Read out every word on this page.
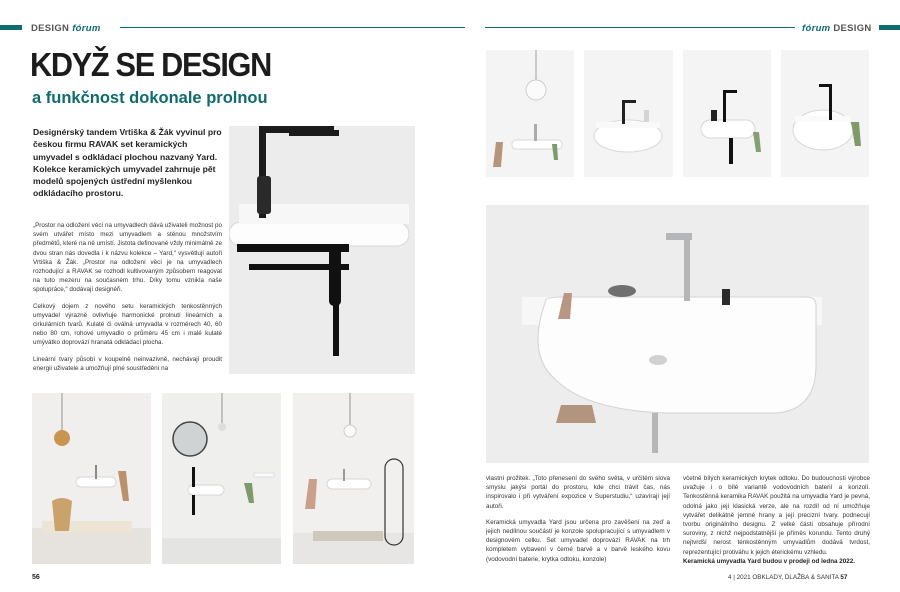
DESIGN fórum	fórum DESIGN
KDYŽ SE DESIGN
a funkčnost dokonale prolnou
Designérský tandem Vrtiška & Žák vyvinul pro českou firmu RAVAK set keramických umyvadel s odkládací plochou nazvaný Yard. Kolekce keramických umyvadel zahrnuje pět modelů spojených ústřední myšlenkou odkládacího prostoru.

„Prostor na odložení věcí na umyvadlech dává uživateli možnost po svém utvářet místo mezi umyvadlem a stěnou množstvím předmětů, které na ně umístí. Jistota definované vždy minimálně ze dvou stran nás dovedla i k názvu kolekce – Yard,“ vysvětlují autoři Vrtiška & Žák. „Prostor na odložení věcí je na umyvadlech rozhodující a RAVAK se rozhodl kultivovaným způsobem reagovat na tuto mezeru na současném trhu. Díky tomu vznikla naše spolupráce,“ dodávají designéři.

Celkový dojem z nového setu keramických tenkostěnných umyvadel výrazně ovlivňuje harmonické prolnutí lineárních a cirkulárních tvarů. Kulaté či oválná umyvadla v rozměrech 40, 60 nebo 80 cm, rohové umyvadlo o průměru 45 cm i malé kulaté umývátko doprovází hranatá odkládací plocha.

Lineární tvary působí v koupelně neinvazivně, nechávají proudit energii uživatele a umožňují plné soustředění na

vlastní prožitek. „Toto přenesení do svého světa, v určitém slova smyslu jakýsi portál do prostoru, kde chci trávit čas, nás inspirovalo i při vytváření expozice v Superstudiu,“ uzavírají její autoři.

Keramická umyvadla Yard jsou určena pro zavěšení na zeď a jejich nedílnou součástí je konzole spolupracující s umyvadlem v designovém celku. Set umyvadel doprovází RAVAK na trh kompletem vybavení v černé barvě a v barvě leského kovu (vodovodní baterie, krytka odtoku, konzole)

včetně bílých keramických krytek odtoku. Do budoucnosti výrobce uvažuje i o bílé variantě vodovodních baterií a konzolí. Tenkostěnná keramika RAVAK použitá na umyvadla Yard je pevná, odolná jako její klasická verze, ale na rozdíl od ní umožňuje vytvářet delikátně jemné hrany a její precizní tvary. podnecují tvorbu originálního designu. Z velké části obsahuje přírodní suroviny, z nichž nejpodstatnější je příměs korundu. Tento druhý nejtvrdší nerost tenkostěnným umyvadlům dodává tvrdost, reprezentující protiváhu k jejich éterickému vzhledu.

Keramická umyvadla Yard budou v prodeji od ledna 2022.

56	4 | 2021 OBKLADY, DLAŽBA & SANITA 57
